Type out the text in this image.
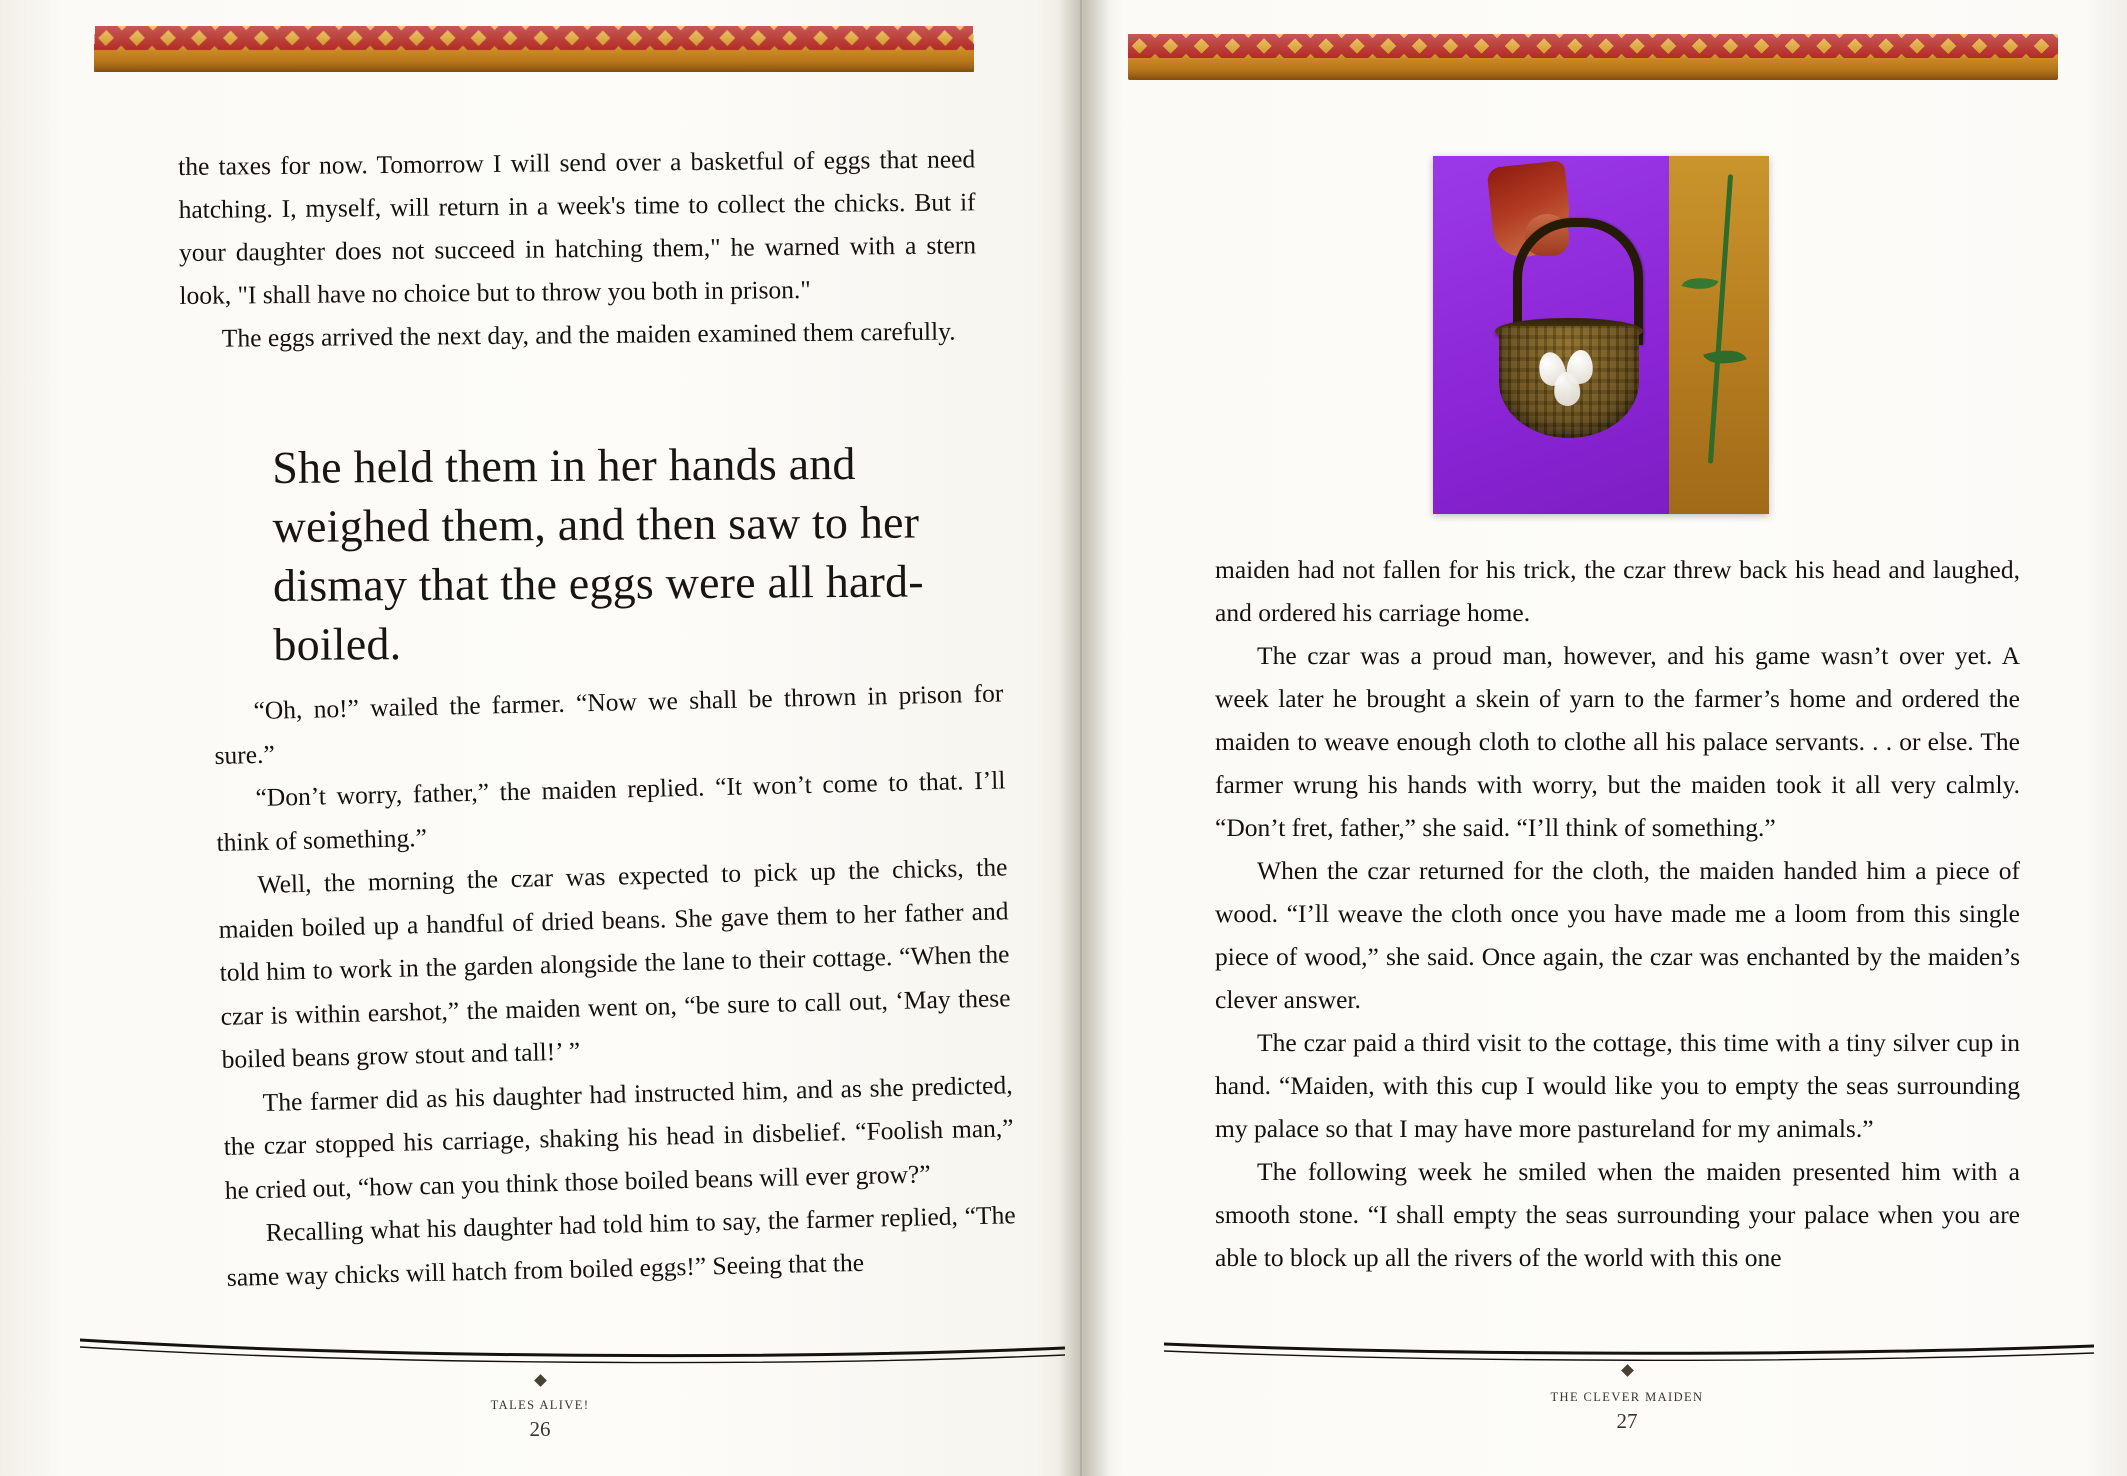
the taxes for now. Tomorrow I will send over a basketful of eggs that need hatching. I, myself, will return in a week's time to collect the chicks. But if your daughter does not succeed in hatching them," he warned with a stern look, "I shall have no choice but to throw you both in prison."

The eggs arrived the next day, and the maiden examined them carefully.

She held them in her hands and weighed them, and then saw to her dismay that the eggs were all hard-boiled.

“Oh, no!” wailed the farmer. “Now we shall be thrown in prison for sure.”

“Don’t worry, father,” the maiden replied. “It won’t come to that. I’ll think of something.”

Well, the morning the czar was expected to pick up the chicks, the maiden boiled up a handful of dried beans. She gave them to her father and told him to work in the garden alongside the lane to their cottage. “When the czar is within earshot,” the maiden went on, “be sure to call out, ‘May these boiled beans grow stout and tall!’ ”

The farmer did as his daughter had instructed him, and as she predicted, the czar stopped his carriage, shaking his head in disbelief. “Foolish man,” he cried out, “how can you think those boiled beans will ever grow?”

Recalling what his daughter had told him to say, the farmer replied, “The same way chicks will hatch from boiled eggs!” Seeing that the

TALES ALIVE!
26
THE CLEVER MAIDEN
27

maiden had not fallen for his trick, the czar threw back his head and laughed, and ordered his carriage home.

The czar was a proud man, however, and his game wasn’t over yet. A week later he brought a skein of yarn to the farmer’s home and ordered the maiden to weave enough cloth to clothe all his palace servants. . . or else. The farmer wrung his hands with worry, but the maiden took it all very calmly. “Don’t fret, father,” she said. “I’ll think of something.”

When the czar returned for the cloth, the maiden handed him a piece of wood. “I’ll weave the cloth once you have made me a loom from this single piece of wood,” she said. Once again, the czar was enchanted by the maiden’s clever answer.

The czar paid a third visit to the cottage, this time with a tiny silver cup in hand. “Maiden, with this cup I would like you to empty the seas surrounding my palace so that I may have more pastureland for my animals.”

The following week he smiled when the maiden presented him with a smooth stone. “I shall empty the seas surrounding your palace when you are able to block up all the rivers of the world with this one
